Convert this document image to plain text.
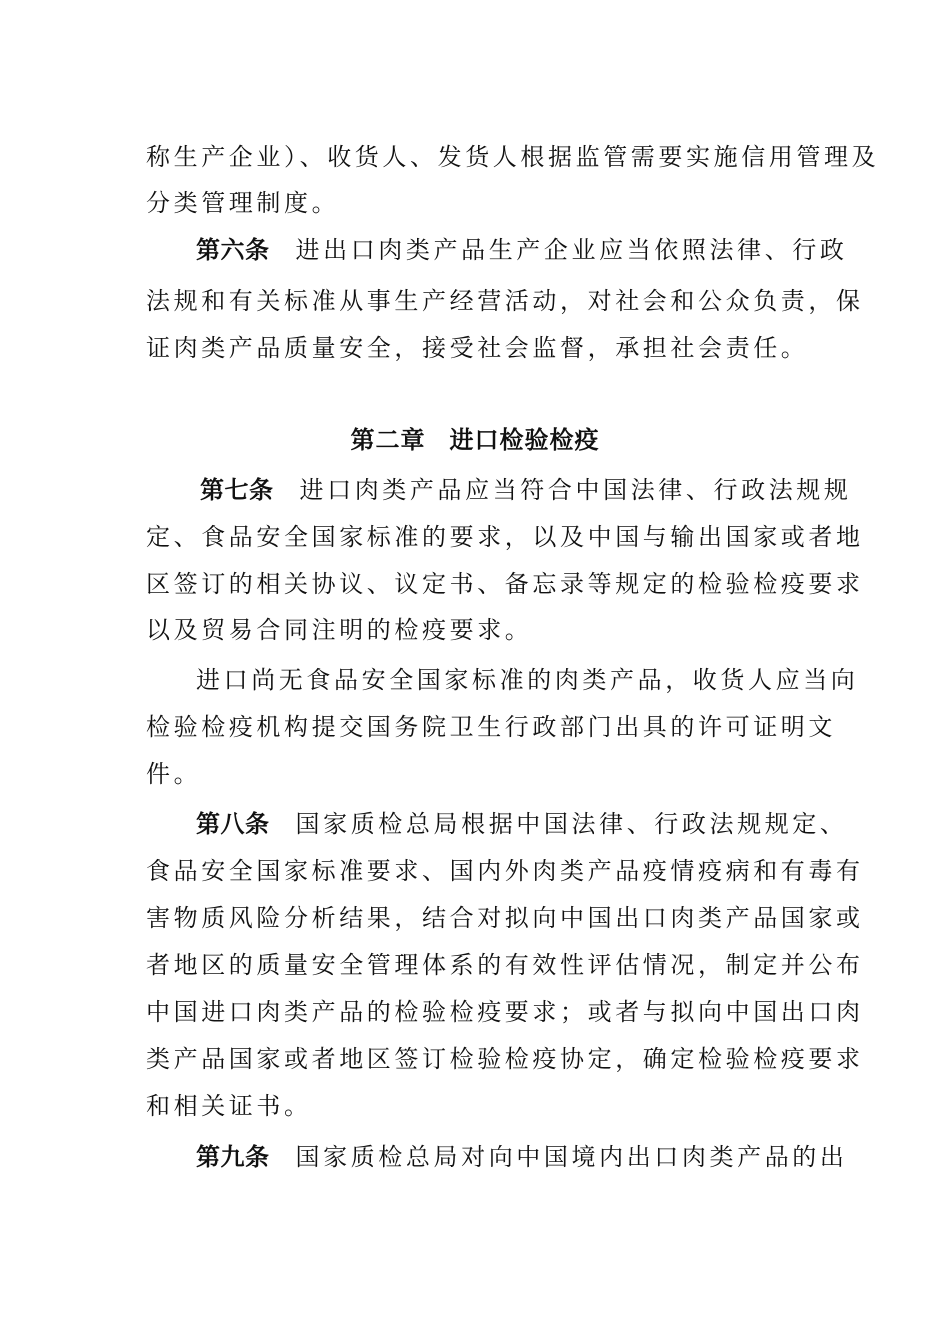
称生产企业）、收货人、发货人根据监管需要实施信用管理及
分类管理制度。
第六条 进出口肉类产品生产企业应当依照法律、行政
法规和有关标准从事生产经营活动，对社会和公众负责，保
证肉类产品质量安全，接受社会监督，承担社会责任。
第二章 进口检验检疫
第七条 进口肉类产品应当符合中国法律、行政法规规
定、食品安全国家标准的要求，以及中国与输出国家或者地
区签订的相关协议、议定书、备忘录等规定的检验检疫要求
以及贸易合同注明的检疫要求。
进口尚无食品安全国家标准的肉类产品，收货人应当向
检验检疫机构提交国务院卫生行政部门出具的许可证明文
件。
第八条 国家质检总局根据中国法律、行政法规规定、
食品安全国家标准要求、国内外肉类产品疫情疫病和有毒有
害物质风险分析结果，结合对拟向中国出口肉类产品国家或
者地区的质量安全管理体系的有效性评估情况，制定并公布
中国进口肉类产品的检验检疫要求；或者与拟向中国出口肉
类产品国家或者地区签订检验检疫协定，确定检验检疫要求
和相关证书。
第九条 国家质检总局对向中国境内出口肉类产品的出
